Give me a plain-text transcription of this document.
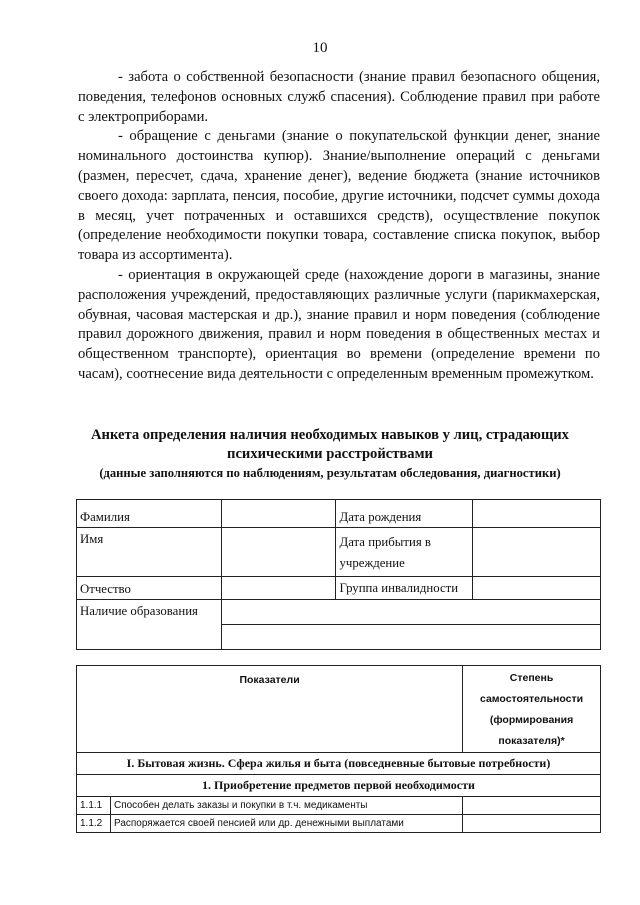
10

- забота о собственной безопасности (знание правил безопасного общения, поведения, телефонов основных служб спасения). Соблюдение правил при работе с электроприборами.

- обращение с деньгами (знание о покупательской функции денег, знание номинального достоинства купюр). Знание/выполнение операций с деньгами (размен, пересчет, сдача, хранение денег), ведение бюджета (знание источников своего дохода: зарплата, пенсия, пособие, другие источники, подсчет суммы дохода в месяц, учет потраченных и оставшихся средств), осуществление покупок (определение необходимости покупки товара, составление списка покупок, выбор товара из ассортимента).

- ориентация в окружающей среде (нахождение дороги в магазины, знание расположения учреждений, предоставляющих различные услуги (парикмахерская, обувная, часовая мастерская и др.), знание правил и норм поведения (соблюдение правил дорожного движения, правил и норм поведения в общественных местах и общественном транспорте), ориентация во времени (определение времени по часам), соотнесение вида деятельности с определенным временным промежутком.

Анкета определения наличия необходимых навыков у лиц, страдающих психическими расстройствами
(данные заполняются по наблюдениям, результатам обследования, диагностики)
Фамилия		Дата рождения	
Имя		Дата прибытия в учреждение	
Отчество		Группа инвалидности	
Наличие образования			

Показатели		Степень самостоятельности (формирования показателя)*
I. Бытовая жизнь. Сфера жилья и быта (повседневные бытовые потребности)		
1. Приобретение предметов первой необходимости		
1.1.1	Способен делать заказы и покупки в т.ч. медикаменты	
1.1.2	Распоряжается своей пенсией или др. денежными выплатами	
